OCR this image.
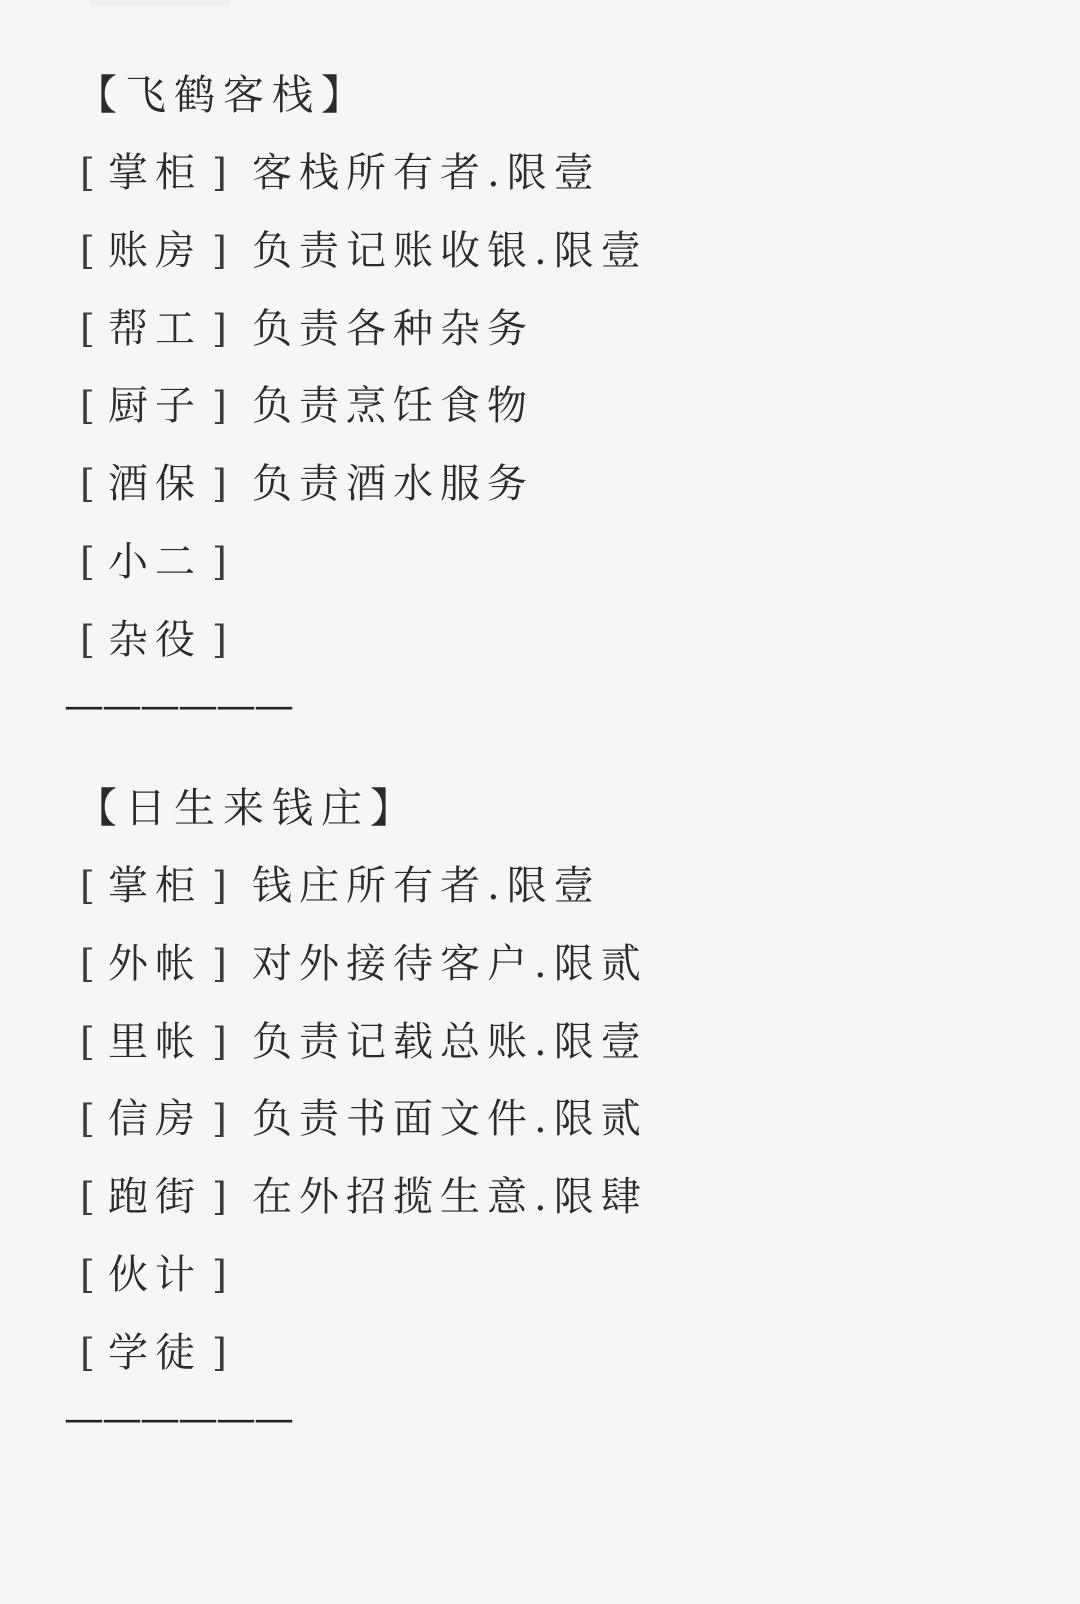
【飞鹤客栈】
[ 掌柜 ] 客栈所有者.限壹
[ 账房 ] 负责记账收银.限壹
[ 帮工 ] 负责各种杂务
[ 厨子 ] 负责烹饪食物
[ 酒保 ] 负责酒水服务
[ 小二 ]
[ 杂役 ]
——————
【日生来钱庄】
[ 掌柜 ] 钱庄所有者.限壹
[ 外帐 ] 对外接待客户.限贰
[ 里帐 ] 负责记载总账.限壹
[ 信房 ] 负责书面文件.限贰
[ 跑街 ] 在外招揽生意.限肆
[ 伙计 ]
[ 学徒 ]
——————
